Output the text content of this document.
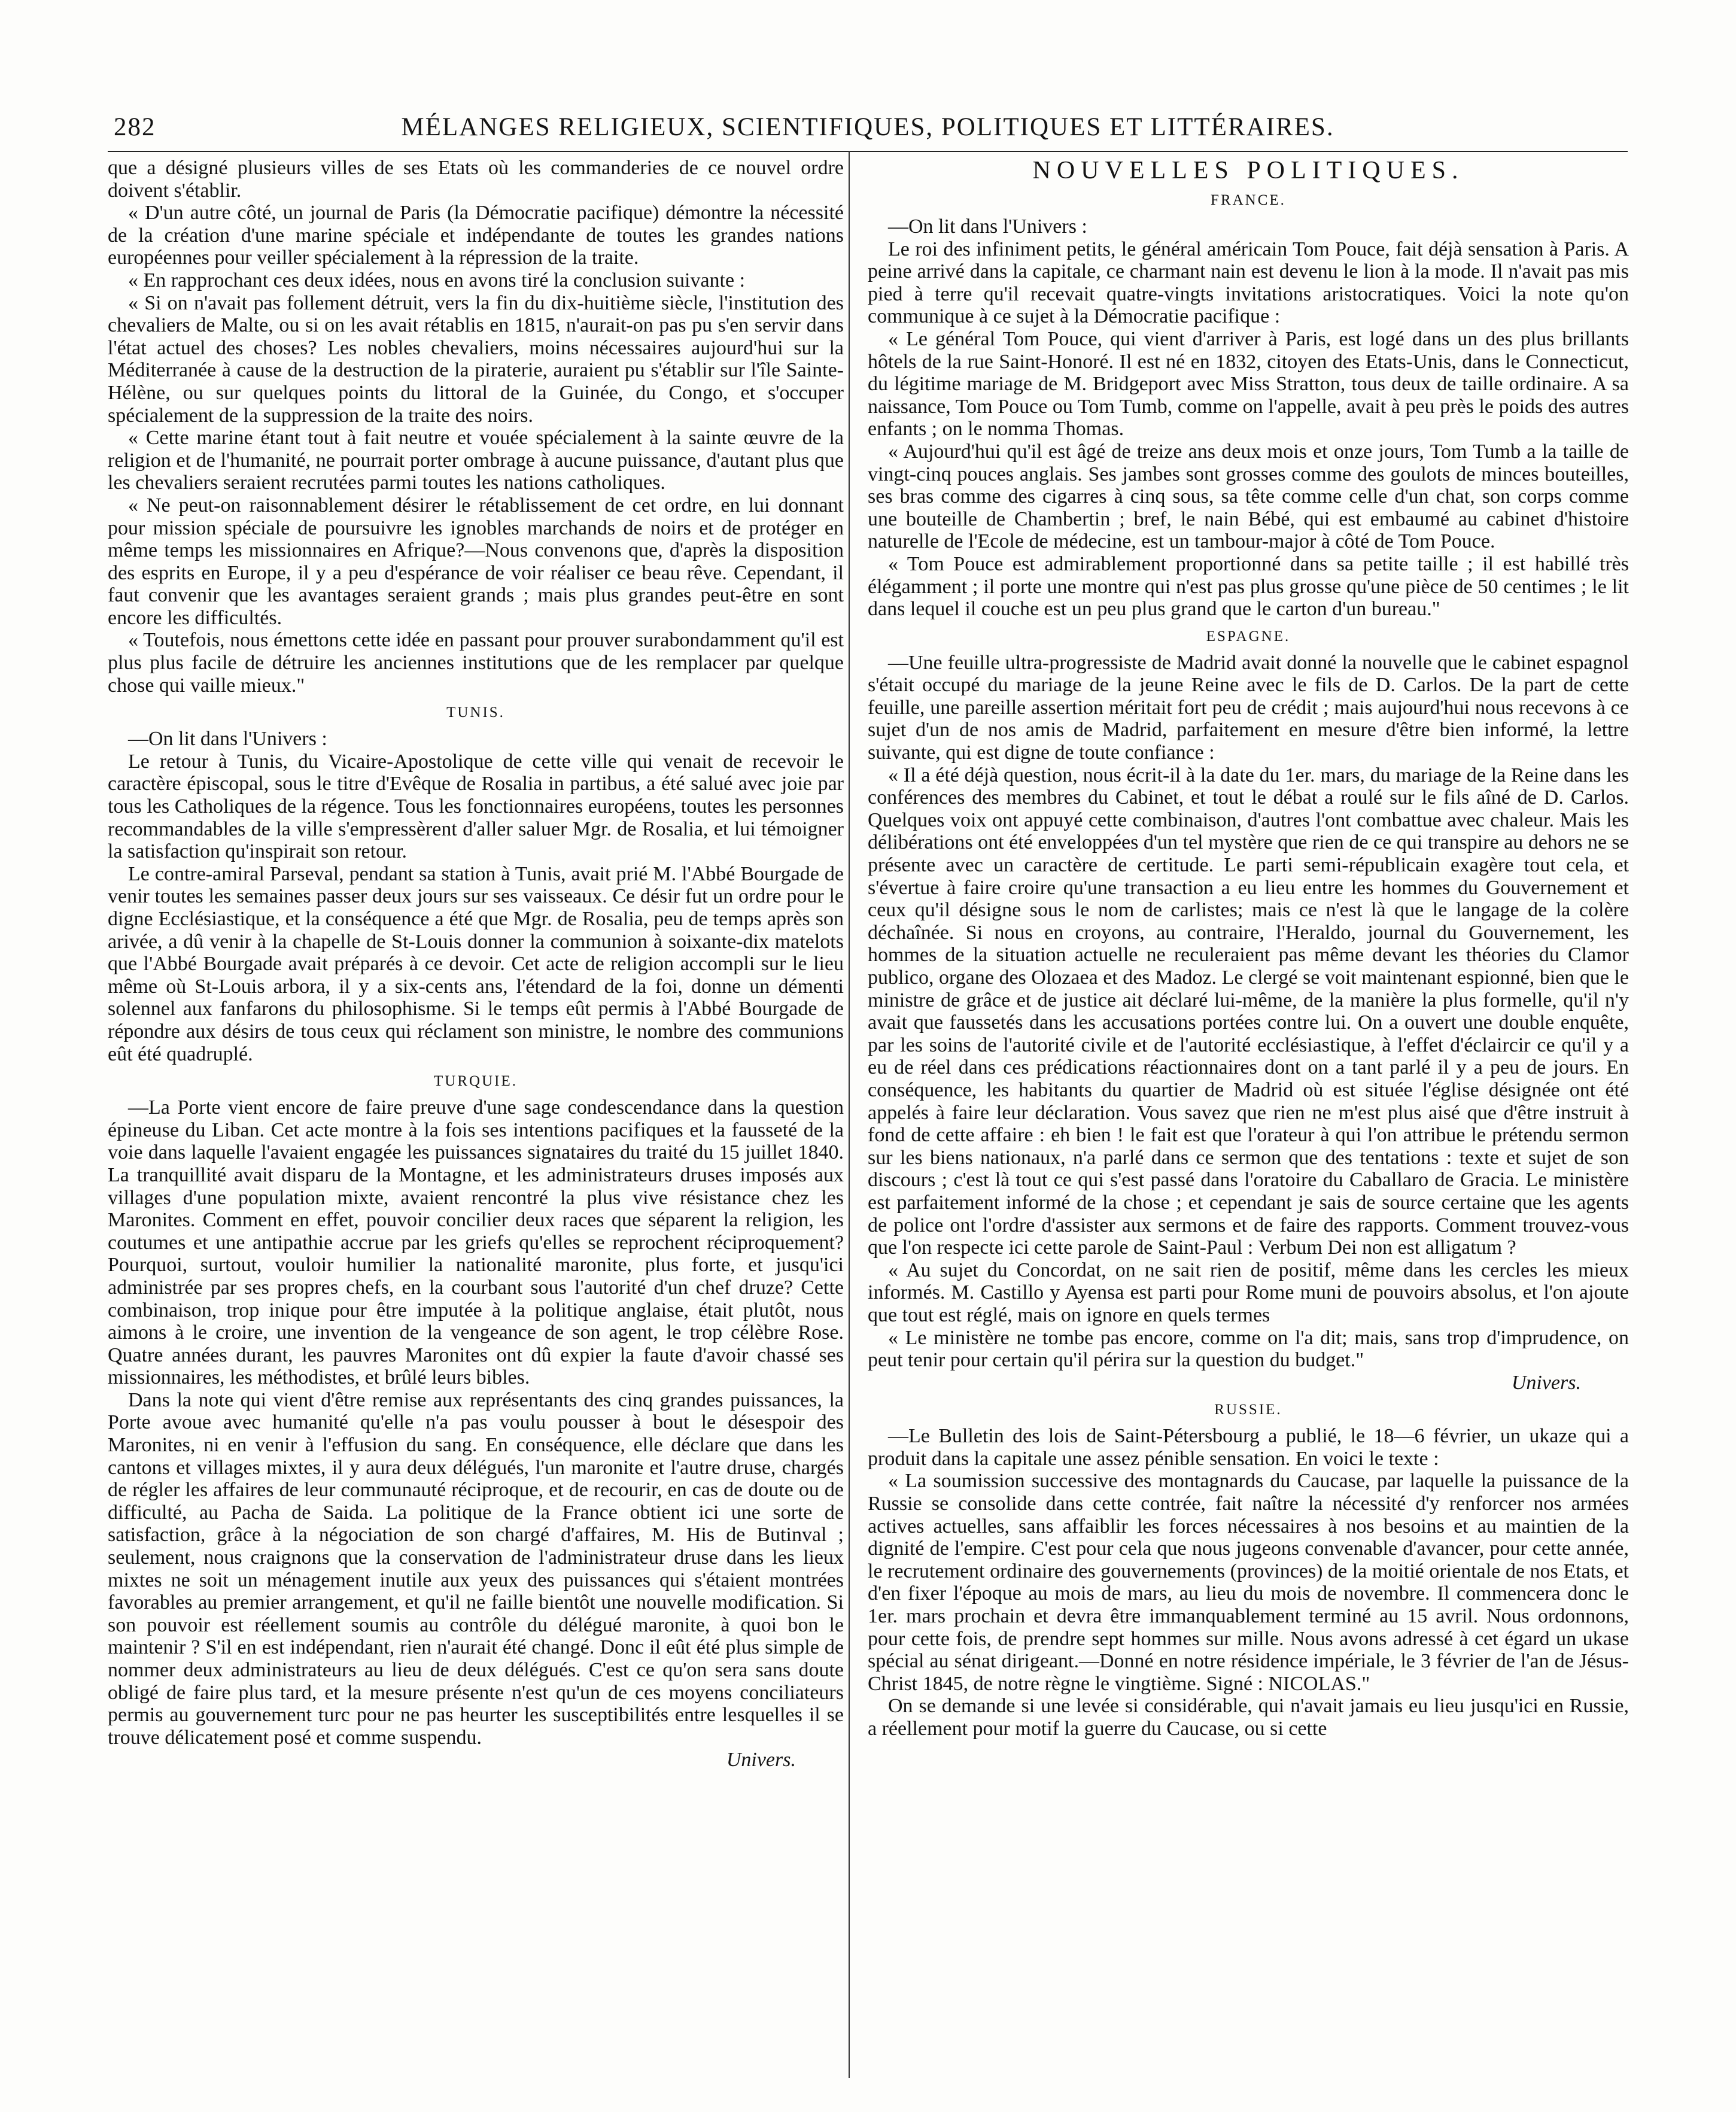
282	MÉLANGES RELIGIEUX, SCIENTIFIQUES, POLITIQUES ET LITTÉRAIRES.

que a désigné plusieurs villes de ses Etats où les commanderies de ce nouvel ordre doivent s'établir.

« D'un autre côté, un journal de Paris (la Démocratie pacifique) démontre la nécessité de la création d'une marine spéciale et indépendante de toutes les grandes nations européennes pour veiller spécialement à la répression de la traite.

« En rapprochant ces deux idées, nous en avons tiré la conclusion suivante :

« Si on n'avait pas follement détruit, vers la fin du dix-huitième siècle, l'institution des chevaliers de Malte, ou si on les avait rétablis en 1815, n'aurait-on pas pu s'en servir dans l'état actuel des choses? Les nobles chevaliers, moins nécessaires aujourd'hui sur la Méditerranée à cause de la destruction de la piraterie, auraient pu s'établir sur l'île Sainte-Hélène, ou sur quelques points du littoral de la Guinée, du Congo, et s'occuper spécialement de la suppression de la traite des noirs.

« Cette marine étant tout à fait neutre et vouée spécialement à la sainte œuvre de la religion et de l'humanité, ne pourrait porter ombrage à aucune puissance, d'autant plus que les chevaliers seraient recrutées parmi toutes les nations catholiques.

« Ne peut-on raisonnablement désirer le rétablissement de cet ordre, en lui donnant pour mission spéciale de poursuivre les ignobles marchands de noirs et de protéger en même temps les missionnaires en Afrique?—Nous convenons que, d'après la disposition des esprits en Europe, il y a peu d'espérance de voir réaliser ce beau rêve. Cependant, il faut convenir que les avantages seraient grands ; mais plus grandes peut-être en sont encore les difficultés.

« Toutefois, nous émettons cette idée en passant pour prouver surabondamment qu'il est plus plus facile de détruire les anciennes institutions que de les remplacer par quelque chose qui vaille mieux."

TUNIS.

—On lit dans l'Univers :

Le retour à Tunis, du Vicaire-Apostolique de cette ville qui venait de recevoir le caractère épiscopal, sous le titre d'Evêque de Rosalia in partibus, a été salué avec joie par tous les Catholiques de la régence. Tous les fonctionnaires européens, toutes les personnes recommandables de la ville s'empressèrent d'aller saluer Mgr. de Rosalia, et lui témoigner la satisfaction qu'inspirait son retour.

Le contre-amiral Parseval, pendant sa station à Tunis, avait prié M. l'Abbé Bourgade de venir toutes les semaines passer deux jours sur ses vaisseaux. Ce désir fut un ordre pour le digne Ecclésiastique, et la conséquence a été que Mgr. de Rosalia, peu de temps après son arivée, a dû venir à la chapelle de St-Louis donner la communion à soixante-dix matelots que l'Abbé Bourgade avait préparés à ce devoir. Cet acte de religion accompli sur le lieu même où St-Louis arbora, il y a six-cents ans, l'étendard de la foi, donne un démenti solennel aux fanfarons du philosophisme. Si le temps eût permis à l'Abbé Bourgade de répondre aux désirs de tous ceux qui réclament son ministre, le nombre des communions eût été quadruplé.

TURQUIE.

—La Porte vient encore de faire preuve d'une sage condescendance dans la question épineuse du Liban. Cet acte montre à la fois ses intentions pacifiques et la fausseté de la voie dans laquelle l'avaient engagée les puissances signataires du traité du 15 juillet 1840. La tranquillité avait disparu de la Montagne, et les administrateurs druses imposés aux villages d'une population mixte, avaient rencontré la plus vive résistance chez les Maronites. Comment en effet, pouvoir concilier deux races que séparent la religion, les coutumes et une antipathie accrue par les griefs qu'elles se reprochent réciproquement? Pourquoi, surtout, vouloir humilier la nationalité maronite, plus forte, et jusqu'ici administrée par ses propres chefs, en la courbant sous l'autorité d'un chef druze? Cette combinaison, trop inique pour être imputée à la politique anglaise, était plutôt, nous aimons à le croire, une invention de la vengeance de son agent, le trop célèbre Rose. Quatre années durant, les pauvres Maronites ont dû expier la faute d'avoir chassé ses missionnaires, les méthodistes, et brûlé leurs bibles.

Dans la note qui vient d'être remise aux représentants des cinq grandes puissances, la Porte avoue avec humanité qu'elle n'a pas voulu pousser à bout le désespoir des Maronites, ni en venir à l'effusion du sang. En conséquence, elle déclare que dans les cantons et villages mixtes, il y aura deux délégués, l'un maronite et l'autre druse, chargés de régler les affaires de leur communauté réciproque, et de recourir, en cas de doute ou de difficulté, au Pacha de Saida. La politique de la France obtient ici une sorte de satisfaction, grâce à la négociation de son chargé d'affaires, M. His de Butinval ; seulement, nous craignons que la conservation de l'administrateur druse dans les lieux mixtes ne soit un ménagement inutile aux yeux des puissances qui s'étaient montrées favorables au premier arrangement, et qu'il ne faille bientôt une nouvelle modification. Si son pouvoir est réellement soumis au contrôle du délégué maronite, à quoi bon le maintenir ? S'il en est indépendant, rien n'aurait été changé. Donc il eût été plus simple de nommer deux administrateurs au lieu de deux délégués. C'est ce qu'on sera sans doute obligé de faire plus tard, et la mesure présente n'est qu'un de ces moyens conciliateurs permis au gouvernement turc pour ne pas heurter les susceptibilités entre lesquelles il se trouve délicatement posé et comme suspendu.

Univers.
NOUVELLES POLITIQUES.
FRANCE.

—On lit dans l'Univers :

Le roi des infiniment petits, le général américain Tom Pouce, fait déjà sensation à Paris. A peine arrivé dans la capitale, ce charmant nain est devenu le lion à la mode. Il n'avait pas mis pied à terre qu'il recevait quatre-vingts invitations aristocratiques. Voici la note qu'on communique à ce sujet à la Démocratie pacifique :

« Le général Tom Pouce, qui vient d'arriver à Paris, est logé dans un des plus brillants hôtels de la rue Saint-Honoré. Il est né en 1832, citoyen des Etats-Unis, dans le Connecticut, du légitime mariage de M. Bridgeport avec Miss Stratton, tous deux de taille ordinaire. A sa naissance, Tom Pouce ou Tom Tumb, comme on l'appelle, avait à peu près le poids des autres enfants ; on le nomma Thomas.

« Aujourd'hui qu'il est âgé de treize ans deux mois et onze jours, Tom Tumb a la taille de vingt-cinq pouces anglais. Ses jambes sont grosses comme des goulots de minces bouteilles, ses bras comme des cigarres à cinq sous, sa tête comme celle d'un chat, son corps comme une bouteille de Chambertin ; bref, le nain Bébé, qui est embaumé au cabinet d'histoire naturelle de l'Ecole de médecine, est un tambour-major à côté de Tom Pouce.

« Tom Pouce est admirablement proportionné dans sa petite taille ; il est habillé très élégamment ; il porte une montre qui n'est pas plus grosse qu'une pièce de 50 centimes ; le lit dans lequel il couche est un peu plus grand que le carton d'un bureau."

ESPAGNE.

—Une feuille ultra-progressiste de Madrid avait donné la nouvelle que le cabinet espagnol s'était occupé du mariage de la jeune Reine avec le fils de D. Carlos. De la part de cette feuille, une pareille assertion méritait fort peu de crédit ; mais aujourd'hui nous recevons à ce sujet d'un de nos amis de Madrid, parfaitement en mesure d'être bien informé, la lettre suivante, qui est digne de toute confiance :

« Il a été déjà question, nous écrit-il à la date du 1er. mars, du mariage de la Reine dans les conférences des membres du Cabinet, et tout le débat a roulé sur le fils aîné de D. Carlos. Quelques voix ont appuyé cette combinaison, d'autres l'ont combattue avec chaleur. Mais les délibérations ont été enveloppées d'un tel mystère que rien de ce qui transpire au dehors ne se présente avec un caractère de certitude. Le parti semi-républicain exagère tout cela, et s'évertue à faire croire qu'une transaction a eu lieu entre les hommes du Gouvernement et ceux qu'il désigne sous le nom de carlistes; mais ce n'est là que le langage de la colère déchaînée. Si nous en croyons, au contraire, l'Heraldo, journal du Gouvernement, les hommes de la situation actuelle ne reculeraient pas même devant les théories du Clamor publico, organe des Olozaea et des Madoz. Le clergé se voit maintenant espionné, bien que le ministre de grâce et de justice ait déclaré lui-même, de la manière la plus formelle, qu'il n'y avait que faussetés dans les accusations portées contre lui. On a ouvert une double enquête, par les soins de l'autorité civile et de l'autorité ecclésiastique, à l'effet d'éclaircir ce qu'il y a eu de réel dans ces prédications réactionnaires dont on a tant parlé il y a peu de jours. En conséquence, les habitants du quartier de Madrid où est située l'église désignée ont été appelés à faire leur déclaration. Vous savez que rien ne m'est plus aisé que d'être instruit à fond de cette affaire : eh bien ! le fait est que l'orateur à qui l'on attribue le prétendu sermon sur les biens nationaux, n'a parlé dans ce sermon que des tentations : texte et sujet de son discours ; c'est là tout ce qui s'est passé dans l'oratoire du Caballaro de Gracia. Le ministère est parfaitement informé de la chose ; et cependant je sais de source certaine que les agents de police ont l'ordre d'assister aux sermons et de faire des rapports. Comment trouvez-vous que l'on respecte ici cette parole de Saint-Paul : Verbum Dei non est alligatum ?

« Au sujet du Concordat, on ne sait rien de positif, même dans les cercles les mieux informés. M. Castillo y Ayensa est parti pour Rome muni de pouvoirs absolus, et l'on ajoute que tout est réglé, mais on ignore en quels termes

« Le ministère ne tombe pas encore, comme on l'a dit; mais, sans trop d'imprudence, on peut tenir pour certain qu'il périra sur la question du budget."

Univers.
RUSSIE.

—Le Bulletin des lois de Saint-Pétersbourg a publié, le 18—6 février, un ukaze qui a produit dans la capitale une assez pénible sensation. En voici le texte :

« La soumission successive des montagnards du Caucase, par laquelle la puissance de la Russie se consolide dans cette contrée, fait naître la nécessité d'y renforcer nos armées actives actuelles, sans affaiblir les forces nécessaires à nos besoins et au maintien de la dignité de l'empire. C'est pour cela que nous jugeons convenable d'avancer, pour cette année, le recrutement ordinaire des gouvernements (provinces) de la moitié orientale de nos Etats, et d'en fixer l'époque au mois de mars, au lieu du mois de novembre. Il commencera donc le 1er. mars prochain et devra être immanquablement terminé au 15 avril. Nous ordonnons, pour cette fois, de prendre sept hommes sur mille. Nous avons adressé à cet égard un ukase spécial au sénat dirigeant.—Donné en notre résidence impériale, le 3 février de l'an de Jésus-Christ 1845, de notre règne le vingtième. Signé : NICOLAS."

On se demande si une levée si considérable, qui n'avait jamais eu lieu jusqu'ici en Russie, a réellement pour motif la guerre du Caucase, ou si cette
